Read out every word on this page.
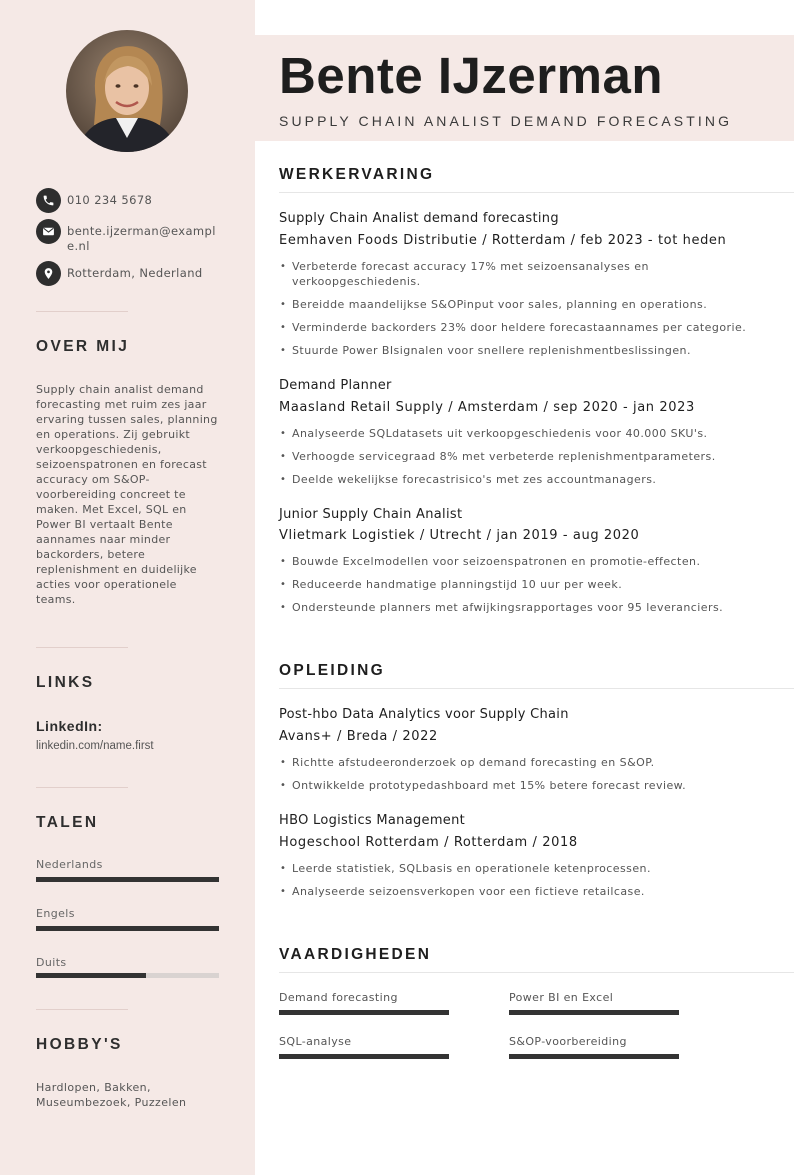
010 234 5678
bente.ijzerman@example.nl
Rotterdam, Nederland
OVER MIJ
Supply chain analist demand forecasting met ruim zes jaar ervaring tussen sales, planning en operations. Zij gebruikt verkoopgeschiedenis, seizoenspatronen en forecast accuracy om S&OP-voorbereiding concreet te maken. Met Excel, SQL en Power BI vertaalt Bente aannames naar minder backorders, betere replenishment en duidelijke acties voor operationele teams.
LINKS
LinkedIn:
linkedin.com/name.first
TALEN
Nederlands
Engels
Duits
HOBBY'S
Hardlopen, Bakken, Museumbezoek, Puzzelen
Bente IJzerman
SUPPLY CHAIN ANALIST DEMAND FORECASTING
WERKERVARING
Supply Chain Analist demand forecasting
Eemhaven Foods Distributie / Rotterdam / feb 2023 - tot heden
• Verbeterde forecast accuracy 17% met seizoensanalyses en verkoopgeschiedenis.
• Bereidde maandelijkse S&OPinput voor sales, planning en operations.
• Verminderde backorders 23% door heldere forecastaannames per categorie.
• Stuurde Power BIsignalen voor snellere replenishmentbeslissingen.
Demand Planner
Maasland Retail Supply / Amsterdam / sep 2020 - jan 2023
• Analyseerde SQLdatasets uit verkoopgeschiedenis voor 40.000 SKU's.
• Verhoogde servicegraad 8% met verbeterde replenishmentparameters.
• Deelde wekelijkse forecastrisico's met zes accountmanagers.
Junior Supply Chain Analist
Vlietmark Logistiek / Utrecht / jan 2019 - aug 2020
• Bouwde Excelmodellen voor seizoenspatronen en promotie-effecten.
• Reduceerde handmatige planningstijd 10 uur per week.
• Ondersteunde planners met afwijkingsrapportages voor 95 leveranciers.
OPLEIDING
Post-hbo Data Analytics voor Supply Chain
Avans+ / Breda / 2022
• Richtte afstudeeronderzoek op demand forecasting en S&OP.
• Ontwikkelde prototypedashboard met 15% betere forecast review.
HBO Logistics Management
Hogeschool Rotterdam / Rotterdam / 2018
• Leerde statistiek, SQLbasis en operationele ketenprocessen.
• Analyseerde seizoensverkopen voor een fictieve retailcase.
VAARDIGHEDEN
Demand forecasting	Power BI en Excel
SQL-analyse	S&OP-voorbereiding
